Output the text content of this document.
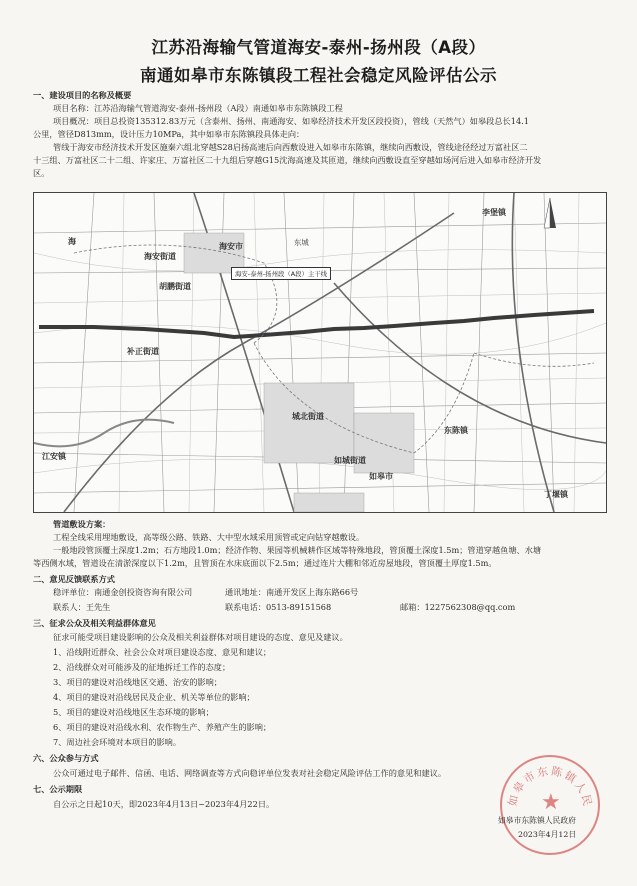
江苏沿海输气管道海安-泰州-扬州段（A段）
南通如皋市东陈镇段工程社会稳定风险评估公示
一、建设项目的名称及概要
项目名称：江苏沿海输气管道海安-泰州-扬州段（A段）南通如皋市东陈镇段工程
项目概况：项目总投资135312.83万元（含泰州、扬州、南通海安、如皋经济技术开发区段投资），管线（天然气）如皋段总长14.1
公里，管径D813mm，设计压力10MPa，其中如皋市东陈镇段具体走向：
管线于海安市经济技术开发区施秦六组北穿越S28启扬高速后向西敷设进入如皋市东陈镇，继续向西敷设，管线途径经过万富社区二
十三组、万富社区二十二组、许家庄、万富社区二十九组后穿越G15沈海高速及其匝道，继续向西敷设直至穿越如场河后进入如皋市经济开发
区。
李堡镇
海
海安市	东城
海安街道
胡鹏街道
补正街道
城北街道
东陈镇
如城街道
如皋市
江安镇
丁堰镇
海安-泰州-扬州段（A段）主干线
管道敷设方案：
工程全线采用埋地敷设，高等级公路、铁路、大中型水域采用顶管或定向钻穿越敷设。
一般地段管顶覆土深度1.2m；石方地段1.0m；经济作物、果园等机械耕作区域等特殊地段，管顶覆土深度1.5m；管道穿越鱼塘、水塘
等西侧水域，管道设在清淤深度以下1.2m，且管顶在水床底面以下2.5m；通过连片大棚和邻近房屋地段，管顶覆土厚度1.5m。
二、意见反馈联系方式
稳评单位：南通金创投资咨询有限公司	通讯地址：南通开发区上海东路66号
联系人：王先生	联系电话：0513-89151568	邮箱：1227562308@qq.com
三、征求公众及相关利益群体意见
征求可能受项目建设影响的公众及相关利益群体对项目建设的态度、意见及建议。
1、沿线附近群众、社会公众对项目建设态度、意见和建议；
2、沿线群众对可能涉及的征地拆迁工作的态度；
3、项目的建设对沿线地区交通、治安的影响；
4、项目的建设对沿线居民及企业、机关等单位的影响；
5、项目的建设对沿线地区生态环境的影响；
6、项目的建设对沿线水利、农作物生产、养殖产生的影响；
7、周边社会环境对本项目的影响。
六、公众参与方式
公众可通过电子邮件、信函、电话、网络调查等方式向稳评单位发表对社会稳定风险评估工作的意见和建议。
七、公示期限
自公示之日起10天，即2023年4月13日~2023年4月22日。	如皋市东陈镇人民
★
如皋市东陈镇人民政府
2023年4月12日
